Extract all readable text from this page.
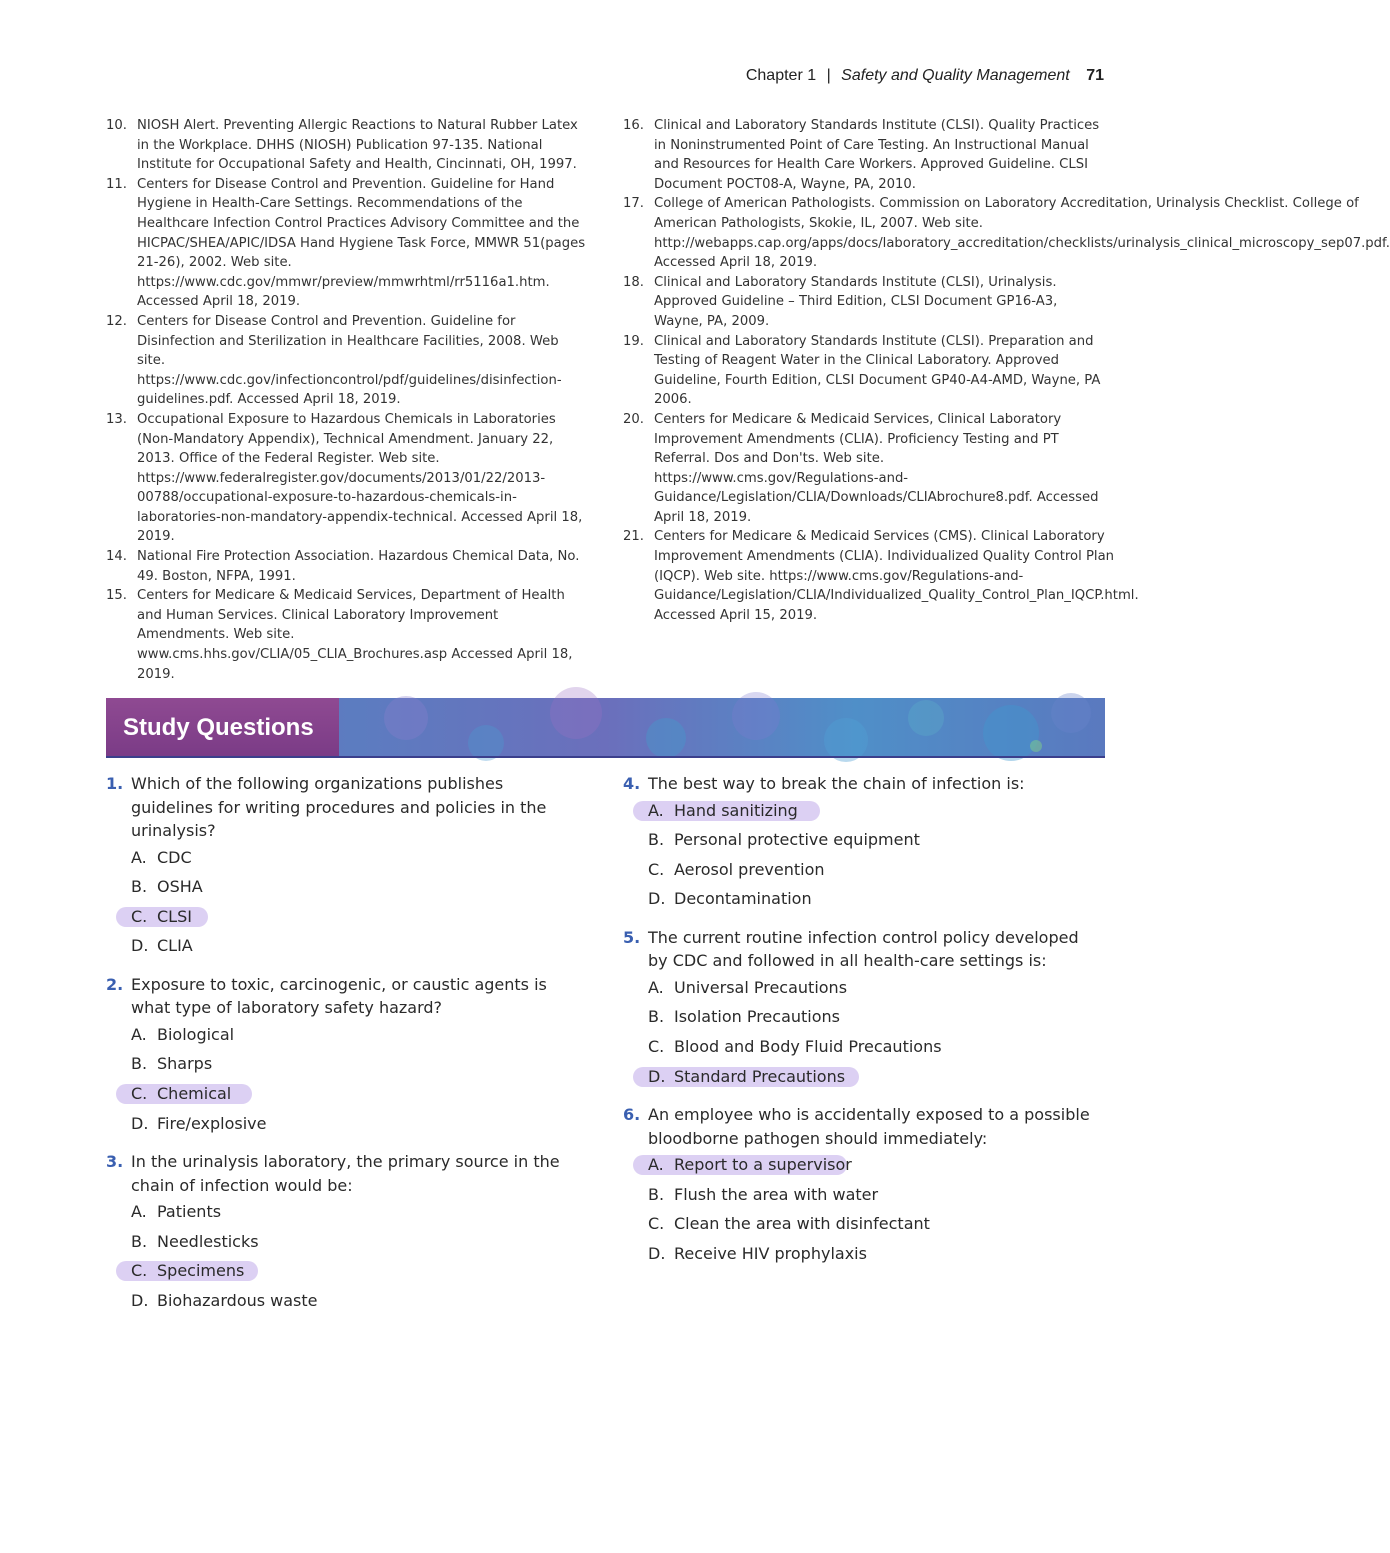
Chapter 1 | Safety and Quality Management 71
10. NIOSH Alert. Preventing Allergic Reactions to Natural Rubber Latex in the Workplace. DHHS (NIOSH) Publication 97-135. National Institute for Occupational Safety and Health, Cincinnati, OH, 1997.
11. Centers for Disease Control and Prevention. Guideline for Hand Hygiene in Health-Care Settings. Recommendations of the Healthcare Infection Control Practices Advisory Committee and the HICPAC/SHEA/APIC/IDSA Hand Hygiene Task Force, MMWR 51(pages 21-26), 2002. Web site. https://www.cdc.gov/mmwr/preview/mmwrhtml/rr5116a1.htm. Accessed April 18, 2019.
12. Centers for Disease Control and Prevention. Guideline for Disinfection and Sterilization in Healthcare Facilities, 2008. Web site. https://www.cdc.gov/infectioncontrol/pdf/guidelines/disinfection-guidelines.pdf. Accessed April 18, 2019.
13. Occupational Exposure to Hazardous Chemicals in Laboratories (Non-Mandatory Appendix), Technical Amendment. January 22, 2013. Office of the Federal Register. Web site. https://www.federalregister.gov/documents/2013/01/22/2013-00788/occupational-exposure-to-hazardous-chemicals-in-laboratories-non-mandatory-appendix-technical. Accessed April 18, 2019.
14. National Fire Protection Association. Hazardous Chemical Data, No. 49. Boston, NFPA, 1991.
15. Centers for Medicare & Medicaid Services, Department of Health and Human Services. Clinical Laboratory Improvement Amendments. Web site. www.cms.hhs.gov/CLIA/05_CLIA_Brochures.asp Accessed April 18, 2019.
16. Clinical and Laboratory Standards Institute (CLSI). Quality Practices in Noninstrumented Point of Care Testing. An Instructional Manual and Resources for Health Care Workers. Approved Guideline. CLSI Document POCT08-A, Wayne, PA, 2010.
17. College of American Pathologists. Commission on Laboratory Accreditation, Urinalysis Checklist. College of American Pathologists, Skokie, IL, 2007. Web site. http://webapps.cap.org/apps/docs/laboratory_accreditation/checklists/urinalysis_clinical_microscopy_sep07.pdf. Accessed April 18, 2019.
18. Clinical and Laboratory Standards Institute (CLSI), Urinalysis. Approved Guideline – Third Edition, CLSI Document GP16-A3, Wayne, PA, 2009.
19. Clinical and Laboratory Standards Institute (CLSI). Preparation and Testing of Reagent Water in the Clinical Laboratory. Approved Guideline, Fourth Edition, CLSI Document GP40-A4-AMD, Wayne, PA 2006.
20. Centers for Medicare & Medicaid Services, Clinical Laboratory Improvement Amendments (CLIA). Proficiency Testing and PT Referral. Dos and Don'ts. Web site. https://www.cms.gov/Regulations-and-Guidance/Legislation/CLIA/Downloads/CLIAbrochure8.pdf. Accessed April 18, 2019.
21. Centers for Medicare & Medicaid Services (CMS). Clinical Laboratory Improvement Amendments (CLIA). Individualized Quality Control Plan (IQCP). Web site. https://www.cms.gov/Regulations-and-Guidance/Legislation/CLIA/Individualized_Quality_Control_Plan_IQCP.html. Accessed April 15, 2019.
Study Questions
1. Which of the following organizations publishes guidelines for writing procedures and policies in the urinalysis?
A. CDC
B. OSHA
C. CLSI
D. CLIA
2. Exposure to toxic, carcinogenic, or caustic agents is what type of laboratory safety hazard?
A. Biological
B. Sharps
C. Chemical
D. Fire/explosive
3. In the urinalysis laboratory, the primary source in the chain of infection would be:
A. Patients
B. Needlesticks
C. Specimens
D. Biohazardous waste
4. The best way to break the chain of infection is:
A. Hand sanitizing
B. Personal protective equipment
C. Aerosol prevention
D. Decontamination
5. The current routine infection control policy developed by CDC and followed in all health-care settings is:
A. Universal Precautions
B. Isolation Precautions
C. Blood and Body Fluid Precautions
D. Standard Precautions
6. An employee who is accidentally exposed to a possible bloodborne pathogen should immediately:
A. Report to a supervisor
B. Flush the area with water
C. Clean the area with disinfectant
D. Receive HIV prophylaxis
